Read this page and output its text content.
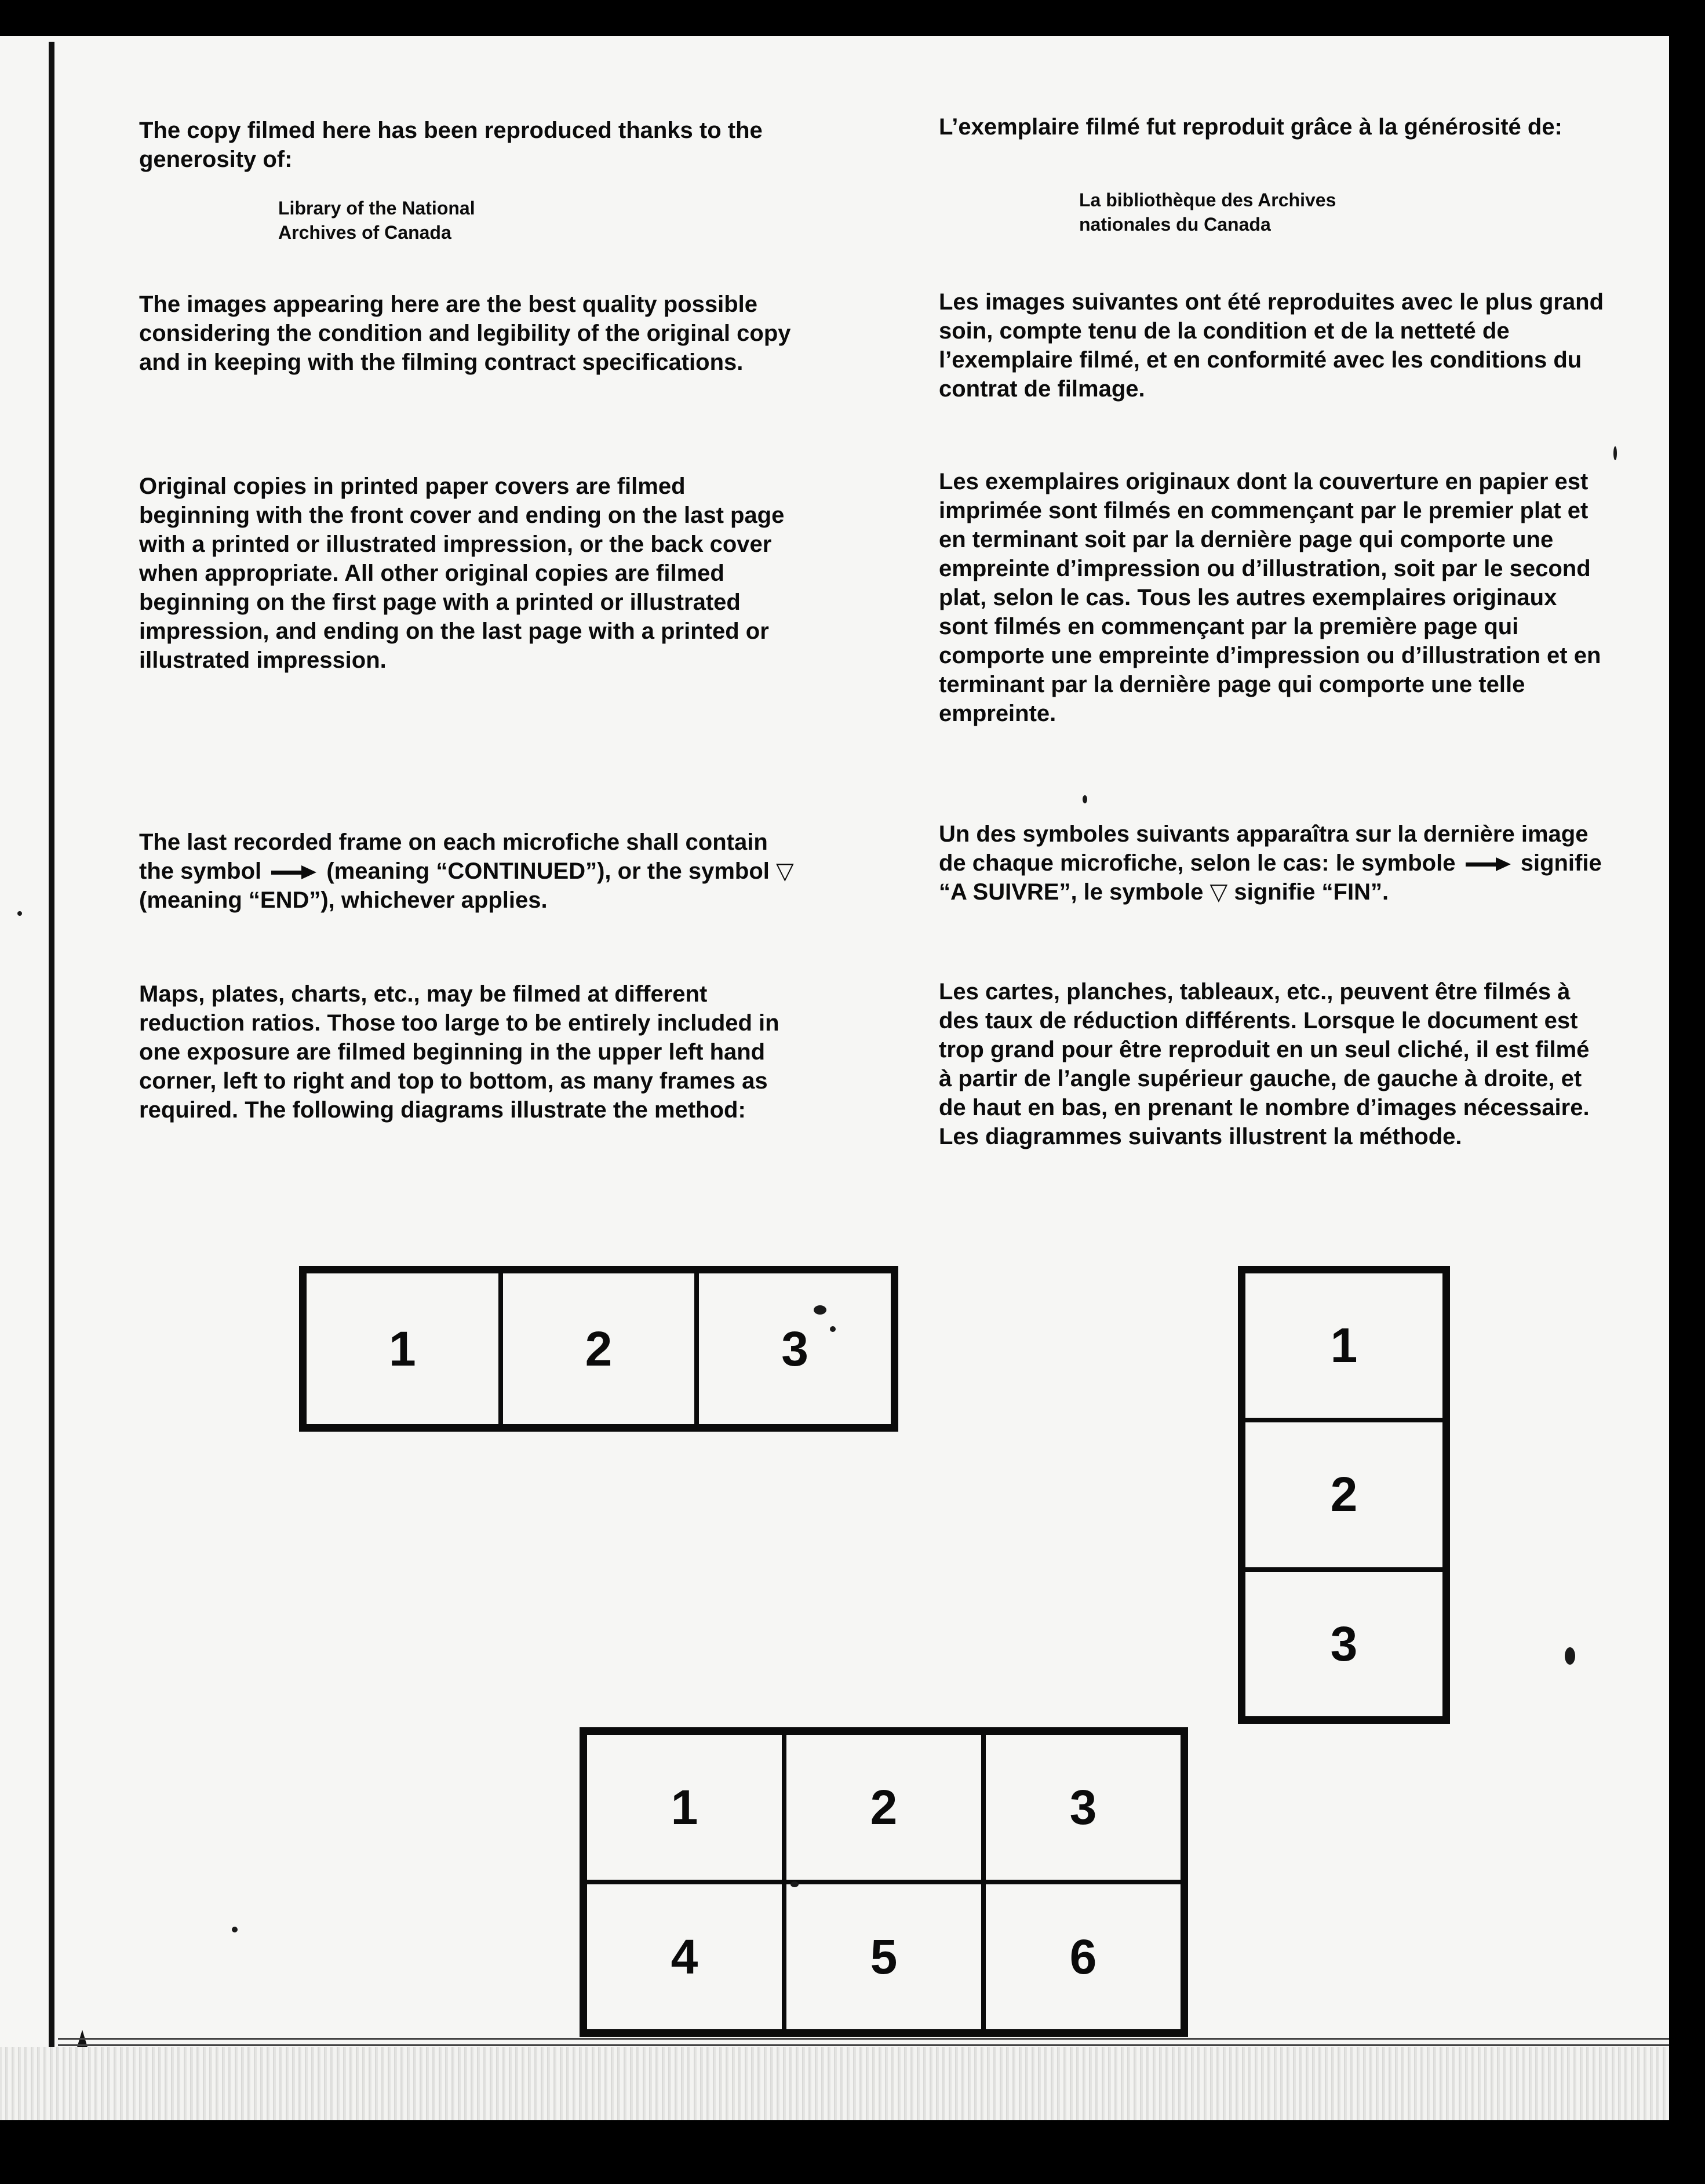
The copy filmed here has been reproduced thanks to the generosity of:

Library of the National
Archives of Canada

The images appearing here are the best quality possible considering the condition and legibility of the original copy and in keeping with the filming contract specifications.

Original copies in printed paper covers are filmed beginning with the front cover and ending on the last page with a printed or illustrated impression, or the back cover when appropriate. All other original copies are filmed beginning on the first page with a printed or illustrated impression, and ending on the last page with a printed or illustrated impression.

The last recorded frame on each microfiche shall contain the symbol	(meaning “CONTINUED”), or the symbol ▽ (meaning “END”), whichever applies.

Maps, plates, charts, etc., may be filmed at different reduction ratios. Those too large to be entirely included in one exposure are filmed beginning in the upper left hand corner, left to right and top to bottom, as many frames as required. The following diagrams illustrate the method:

L’exemplaire filmé fut reproduit grâce à la générosité de:

La bibliothèque des Archives
nationales du Canada

Les images suivantes ont été reproduites avec le plus grand soin, compte tenu de la condition et de la netteté de l’exemplaire filmé, et en conformité avec les conditions du contrat de filmage.

Les exemplaires originaux dont la couverture en papier est imprimée sont filmés en commençant par le premier plat et en terminant soit par la dernière page qui comporte une empreinte d’impression ou d’illustration, soit par le second plat, selon le cas. Tous les autres exemplaires originaux sont filmés en commençant par la première page qui comporte une empreinte d’impression ou d’illustration et en terminant par la dernière page qui comporte une telle empreinte.

Un des symboles suivants apparaîtra sur la dernière image de chaque microfiche, selon le cas: le symbole	signifie “A SUIVRE”, le symbole ▽ signifie “FIN”.

Les cartes, planches, tableaux, etc., peuvent être filmés à des taux de réduction différents. Lorsque le document est trop grand pour être reproduit en un seul cliché, il est filmé à partir de l’angle supérieur gauche, de gauche à droite, et de haut en bas, en prenant le nombre d’images nécessaire. Les diagrammes suivants illustrent la méthode.

1	2	3	1
2
3
1	2	3
4	5	6
